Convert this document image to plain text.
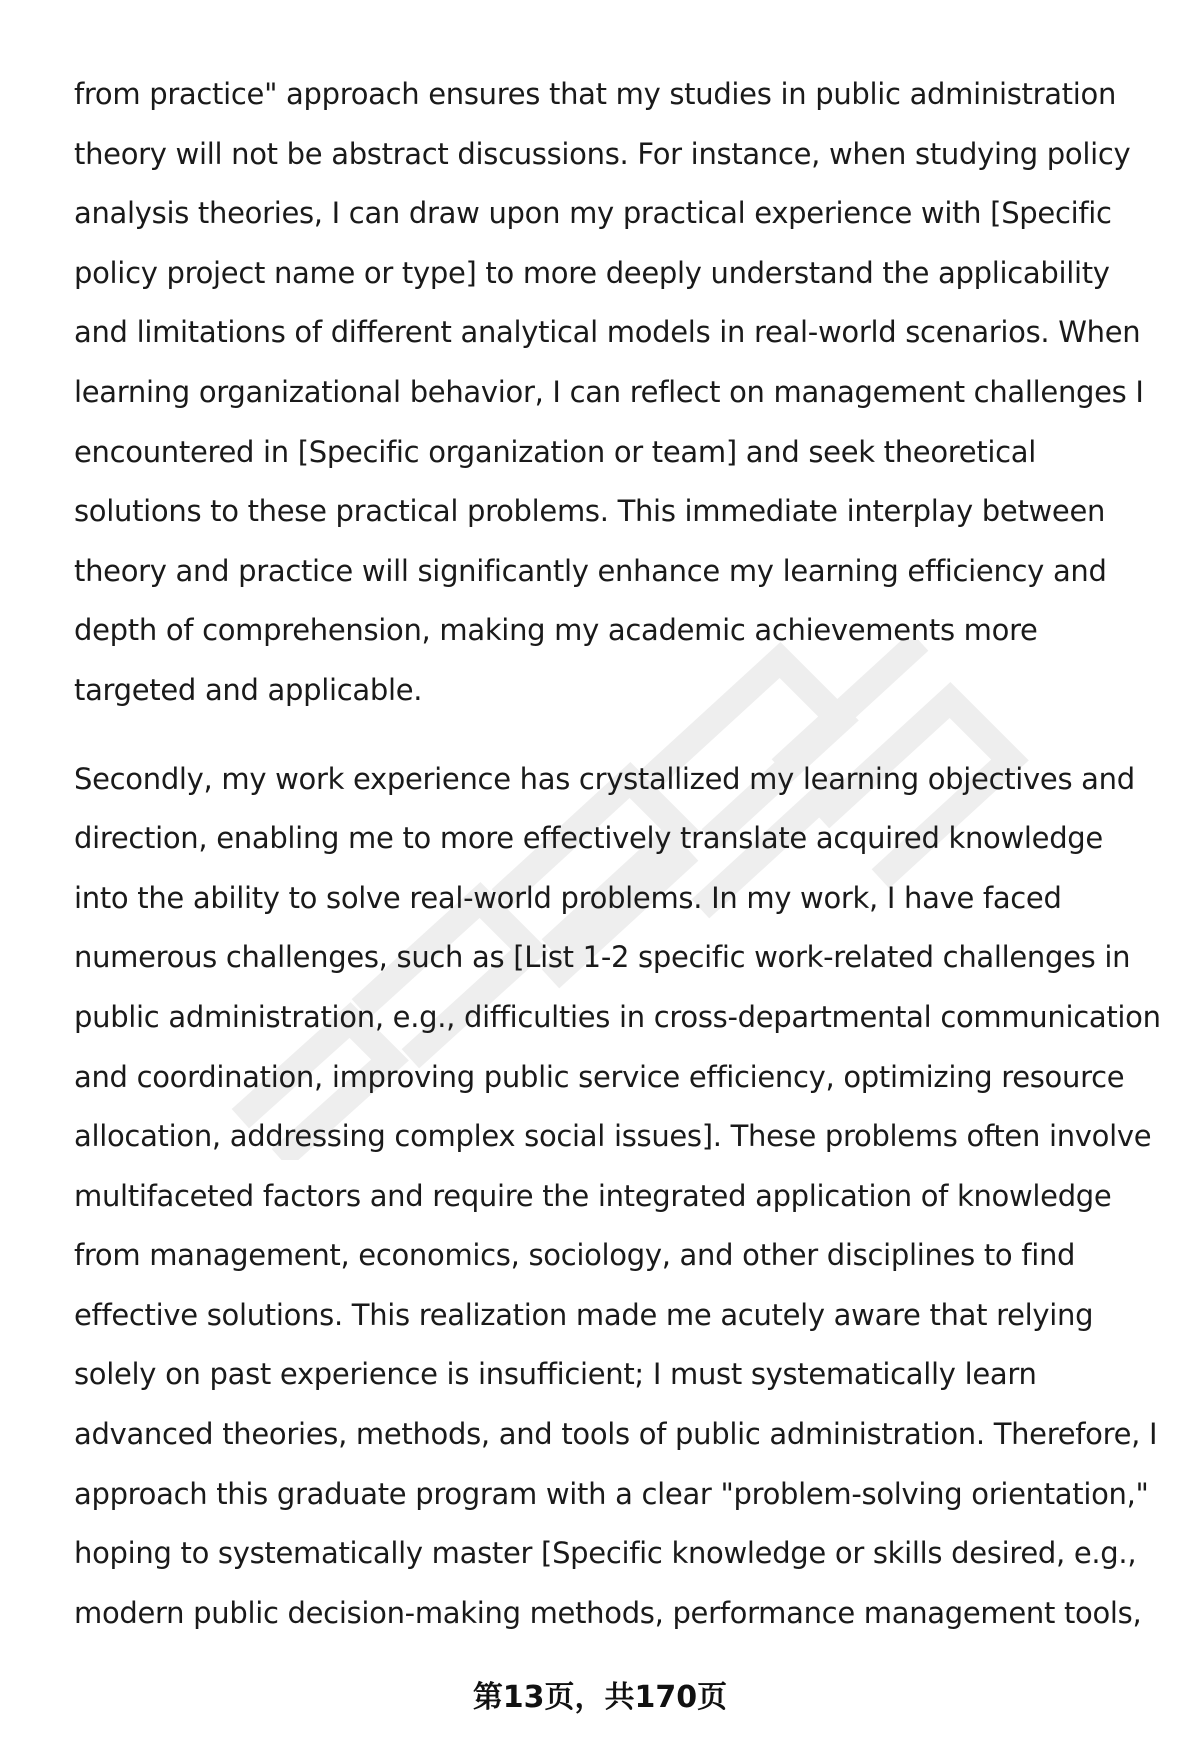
from practice" approach ensures that my studies in public administration
theory will not be abstract discussions. For instance, when studying policy
analysis theories, I can draw upon my practical experience with [Specific
policy project name or type] to more deeply understand the applicability
and limitations of different analytical models in real-world scenarios. When
learning organizational behavior, I can reflect on management challenges I
encountered in [Specific organization or team] and seek theoretical
solutions to these practical problems. This immediate interplay between
theory and practice will significantly enhance my learning efficiency and
depth of comprehension, making my academic achievements more
targeted and applicable.
Secondly, my work experience has crystallized my learning objectives and
direction, enabling me to more effectively translate acquired knowledge
into the ability to solve real-world problems. In my work, I have faced
numerous challenges, such as [List 1-2 specific work-related challenges in
public administration, e.g., difficulties in cross-departmental communication
and coordination, improving public service efficiency, optimizing resource
allocation, addressing complex social issues]. These problems often involve
multifaceted factors and require the integrated application of knowledge
from management, economics, sociology, and other disciplines to find
effective solutions. This realization made me acutely aware that relying
solely on past experience is insufficient; I must systematically learn
advanced theories, methods, and tools of public administration. Therefore, I
approach this graduate program with a clear "problem-solving orientation,"
hoping to systematically master [Specific knowledge or skills desired, e.g.,
modern public decision-making methods, performance management tools,
第13页，共170页
